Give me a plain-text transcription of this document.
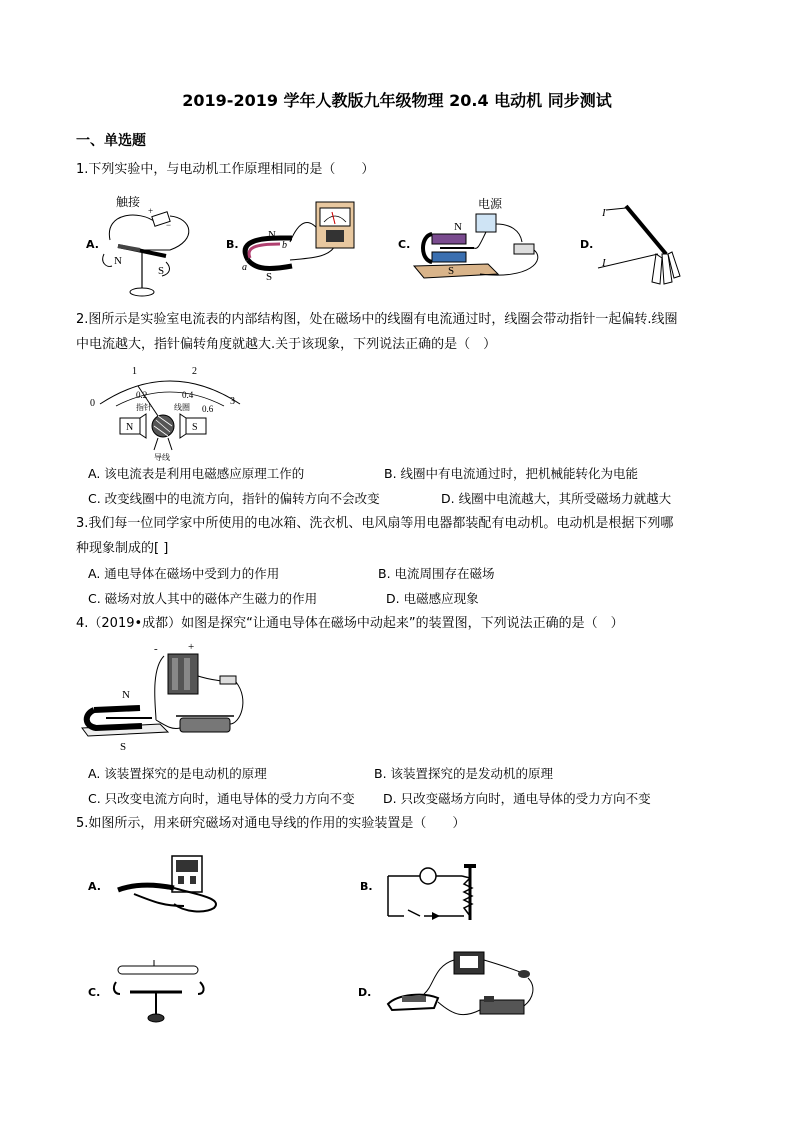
2019-2019 学年人教版九年级物理 20.4 电动机 同步测试
一、单选题
1.下列实验中，与电动机工作原理相同的是（　　）
A.
触接
+
−
N
S
B.
N
S
a
b	C.
电源
N
S
D.
I
I
2.图所示是实验室电流表的内部结构图，处在磁场中的线圈有电流通过时，线圈会带动指针一起偏转.线圈
中电流越大，指针偏转角度就越大.关于该现象，下列说法正确的是（　）
0
1	2
3
0.2	0.4
0.6
指针	线圈
N	S
导线
A. 该电流表是利用电磁感应原理工作的	B. 线圈中有电流通过时，把机械能转化为电能
C. 改变线圈中的电流方向，指针的偏转方向不会改变	D. 线圈中电流越大，其所受磁场力就越大
3.我们每一位同学家中所使用的电冰箱、洗衣机、电风扇等用电器都装配有电动机。电动机是根据下列哪
种现象制成的[ ]
A. 通电导体在磁场中受到力的作用	B. 电流周围存在磁场
C. 磁场对放人其中的磁体产生磁力的作用	D. 电磁感应现象
4.（2019•成都）如图是探究“让通电导体在磁场中动起来”的装置图，下列说法正确的是（　）
-	+
N
S
A. 该装置探究的是电动机的原理	B. 该装置探究的是发动机的原理
C. 只改变电流方向时，通电导体的受力方向不变 D. 只改变磁场方向时，通电导体的受力方向不变
5.如图所示，用来研究磁场对通电导线的作用的实验装置是（　　）
A.	B.
C.	D.
